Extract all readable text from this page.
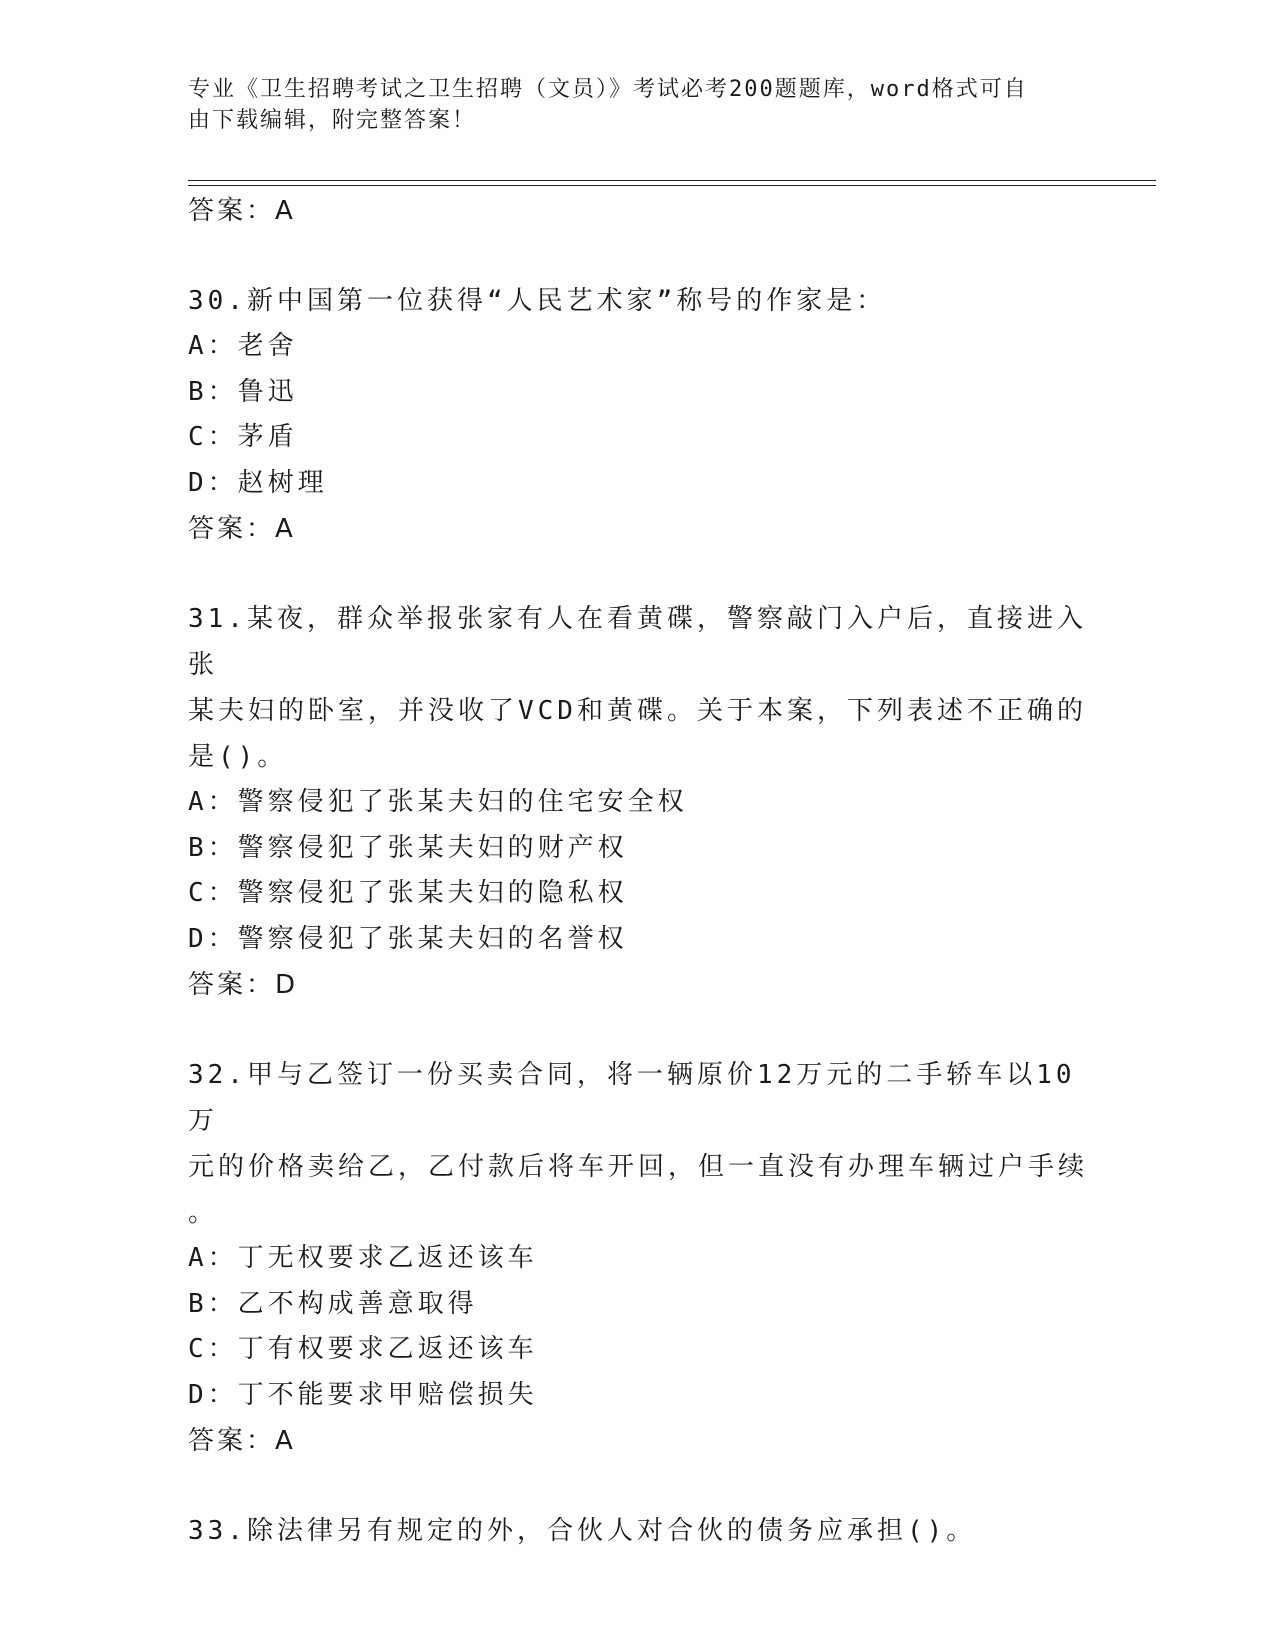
专业《卫生招聘考试之卫生招聘（文员）》考试必考200题题库，word格式可自
由下载编辑，附完整答案！
答案：A
30.新中国第一位获得“人民艺术家”称号的作家是：
A：老舍
B：鲁迅
C：茅盾
D：赵树理
答案：A
31.某夜，群众举报张家有人在看黄碟，警察敲门入户后，直接进入张
某夫妇的卧室，并没收了VCD和黄碟。关于本案，下列表述不正确的
是()。
A：警察侵犯了张某夫妇的住宅安全权
B：警察侵犯了张某夫妇的财产权
C：警察侵犯了张某夫妇的隐私权
D：警察侵犯了张某夫妇的名誉权
答案：D
32.甲与乙签订一份买卖合同，将一辆原价12万元的二手轿车以10万
元的价格卖给乙，乙付款后将车开回，但一直没有办理车辆过户手续
。
A：丁无权要求乙返还该车
B：乙不构成善意取得
C：丁有权要求乙返还该车
D：丁不能要求甲赔偿损失
答案：A
33.除法律另有规定的外，合伙人对合伙的债务应承担()。
